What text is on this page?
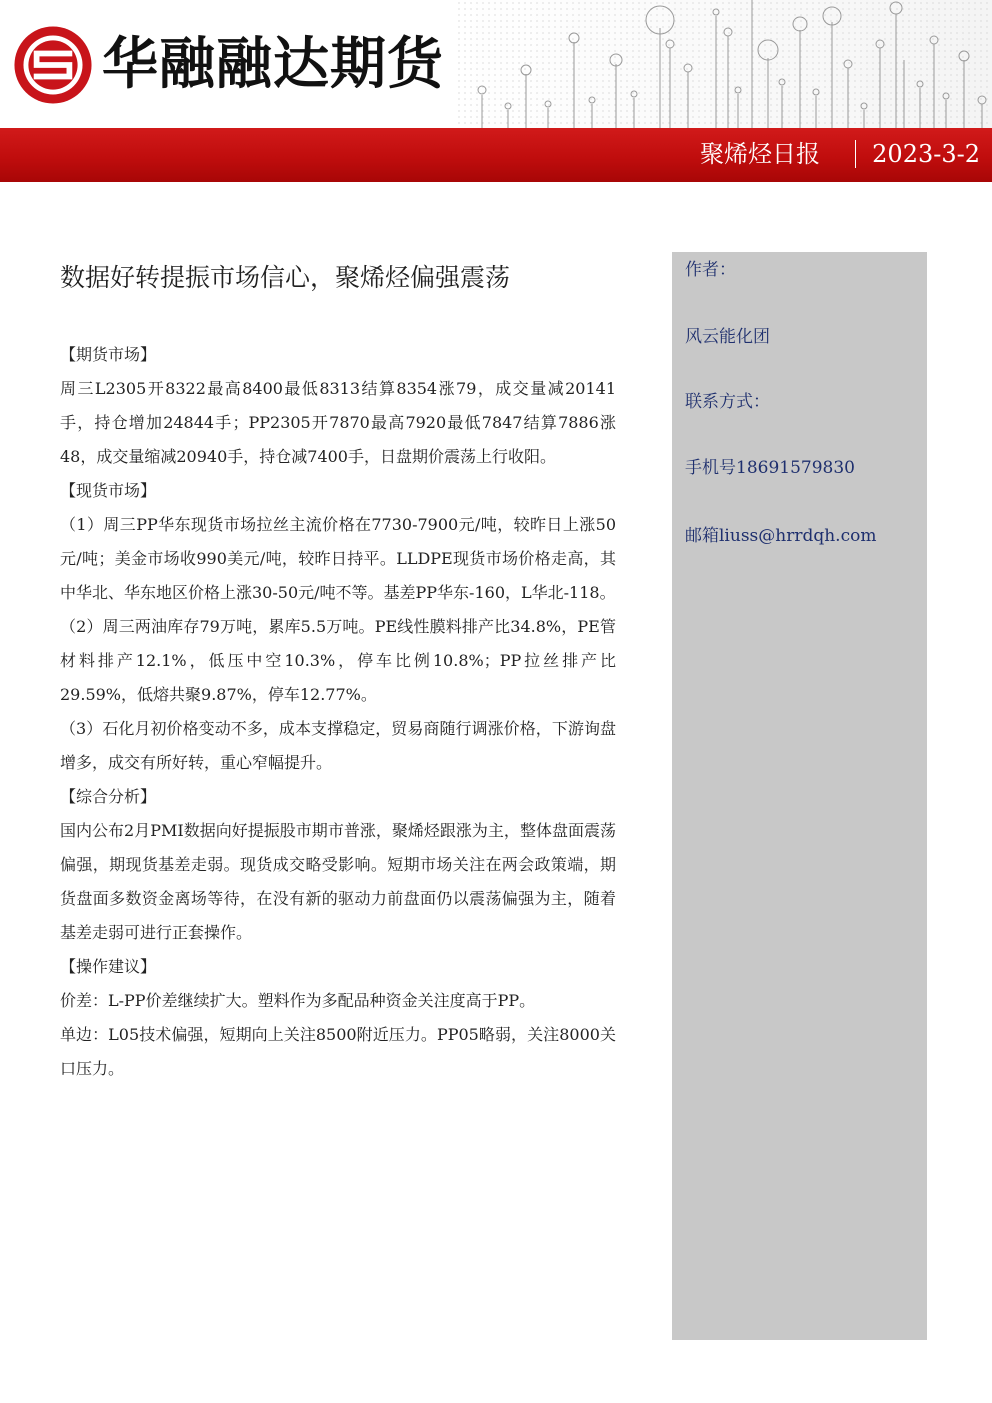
华融融达期货
聚烯烃日报 2023-3-2
数据好转提振市场信心，聚烯烃偏强震荡

【期货市场】

周三L2305开8322最高8400最低8313结算8354涨79，成交量减20141手，持仓增加24844手；PP2305开7870最高7920最低7847结算7886涨48，成交量缩减20940手，持仓减7400手，日盘期价震荡上行收阳。

【现货市场】

（1）周三PP华东现货市场拉丝主流价格在7730-7900元/吨，较昨日上涨50元/吨；美金市场收990美元/吨，较昨日持平。LLDPE现货市场价格走高，其中华北、华东地区价格上涨30-50元/吨不等。基差PP华东-160，L华北-118。

（2）周三两油库存79万吨，累库5.5万吨。PE线性膜料排产比34.8%，PE管材料排产12.1%，低压中空10.3%，停车比例10.8%；PP拉丝排产比29.59%，低熔共聚9.87%，停车12.77%。

（3）石化月初价格变动不多，成本支撑稳定，贸易商随行调涨价格，下游询盘增多，成交有所好转，重心窄幅提升。

【综合分析】

国内公布2月PMI数据向好提振股市期市普涨，聚烯烃跟涨为主，整体盘面震荡偏强，期现货基差走弱。现货成交略受影响。短期市场关注在两会政策端，期货盘面多数资金离场等待，在没有新的驱动力前盘面仍以震荡偏强为主，随着基差走弱可进行正套操作。

【操作建议】

价差：L-PP价差继续扩大。塑料作为多配品种资金关注度高于PP。

单边：L05技术偏强，短期向上关注8500附近压力。PP05略弱，关注8000关口压力。

作者：
风云能化团
联系方式：
手机号18691579830
邮箱liuss@hrrdqh.com
